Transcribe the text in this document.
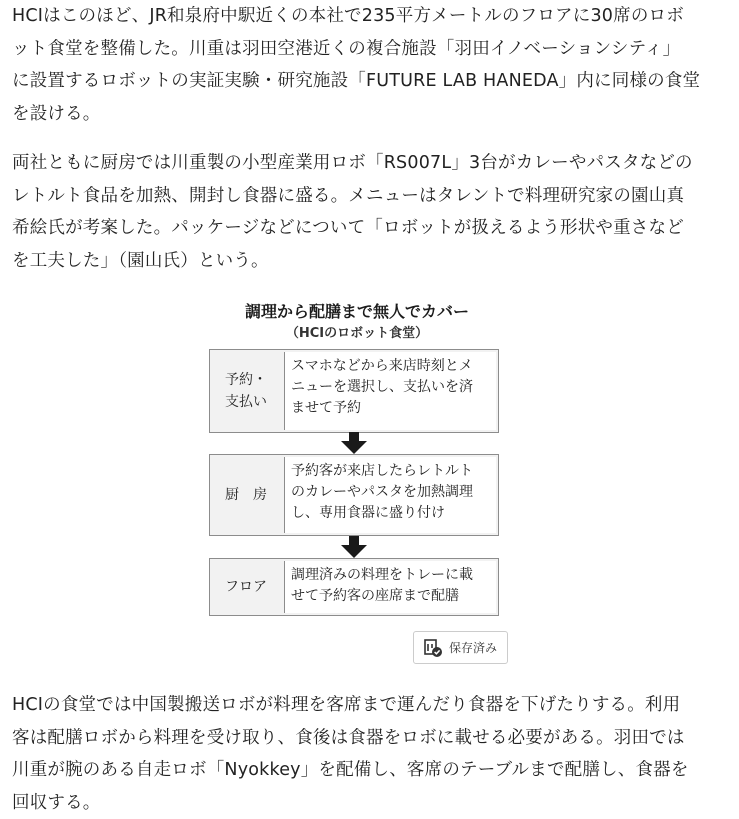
HCIはこのほど、JR和泉府中駅近くの本社で235平方メートルのフロアに30席のロボ
ット食堂を整備した。川重は羽田空港近くの複合施設「羽田イノベーションシティ」
に設置するロボットの実証実験・研究施設「FUTURE LAB HANEDA」内に同様の食堂
を設ける。
両社ともに厨房では川重製の小型産業用ロボ「RS007L」3台がカレーやパスタなどの
レトルト食品を加熱、開封し食器に盛る。メニューはタレントで料理研究家の園山真
希絵氏が考案した。パッケージなどについて「ロボットが扱えるよう形状や重さなど
を工夫した」（園山氏）という。
調理から配膳まで無人でカバー
（HCIのロボット食堂）
予約・
支払い
スマホなどから来店時刻とメ
ニューを選択し、支払いを済
ませて予約
厨　房
予約客が来店したらレトルト
のカレーやパスタを加熱調理
し、専用食器に盛り付け
フロア
調理済みの料理をトレーに載
せて予約客の座席まで配膳
保存済み
HCIの食堂では中国製搬送ロボが料理を客席まで運んだり食器を下げたりする。利用
客は配膳ロボから料理を受け取り、食後は食器をロボに載せる必要がある。羽田では
川重が腕のある自走ロボ「Nyokkey」を配備し、客席のテーブルまで配膳し、食器を
回収する。
